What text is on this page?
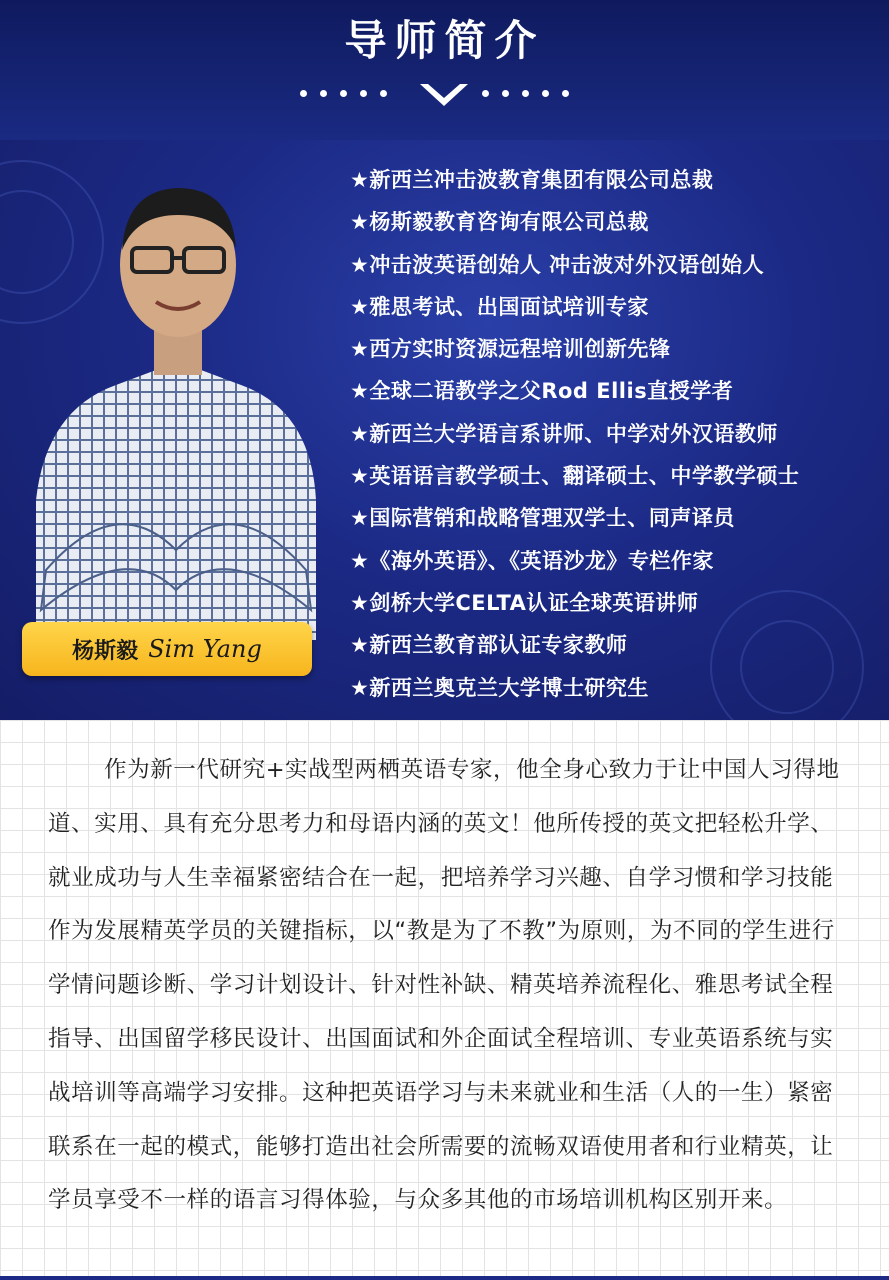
导师简介
杨斯毅 Sim Yang
★新西兰冲击波教育集团有限公司总裁
★杨斯毅教育咨询有限公司总裁
★冲击波英语创始人 冲击波对外汉语创始人
★雅思考试、出国面试培训专家
★西方实时资源远程培训创新先锋
★全球二语教学之父Rod Ellis直授学者
★新西兰大学语言系讲师、中学对外汉语教师
★英语语言教学硕士、翻译硕士、中学教学硕士
★国际营销和战略管理双学士、同声译员
★《海外英语》、《英语沙龙》专栏作家
★剑桥大学CELTA认证全球英语讲师
★新西兰教育部认证专家教师
★新西兰奥克兰大学博士研究生

作为新一代研究+实战型两栖英语专家，他全身心致力于让中国人习得地道、实用、具有充分思考力和母语内涵的英文！他所传授的英文把轻松升学、就业成功与人生幸福紧密结合在一起，把培养学习兴趣、自学习惯和学习技能作为发展精英学员的关键指标，以“教是为了不教”为原则，为不同的学生进行学情问题诊断、学习计划设计、针对性补缺、精英培养流程化、雅思考试全程指导、出国留学移民设计、出国面试和外企面试全程培训、专业英语系统与实战培训等高端学习安排。这种把英语学习与未来就业和生活（人的一生）紧密联系在一起的模式，能够打造出社会所需要的流畅双语使用者和行业精英，让学员享受不一样的语言习得体验，与众多其他的市场培训机构区别开来。
